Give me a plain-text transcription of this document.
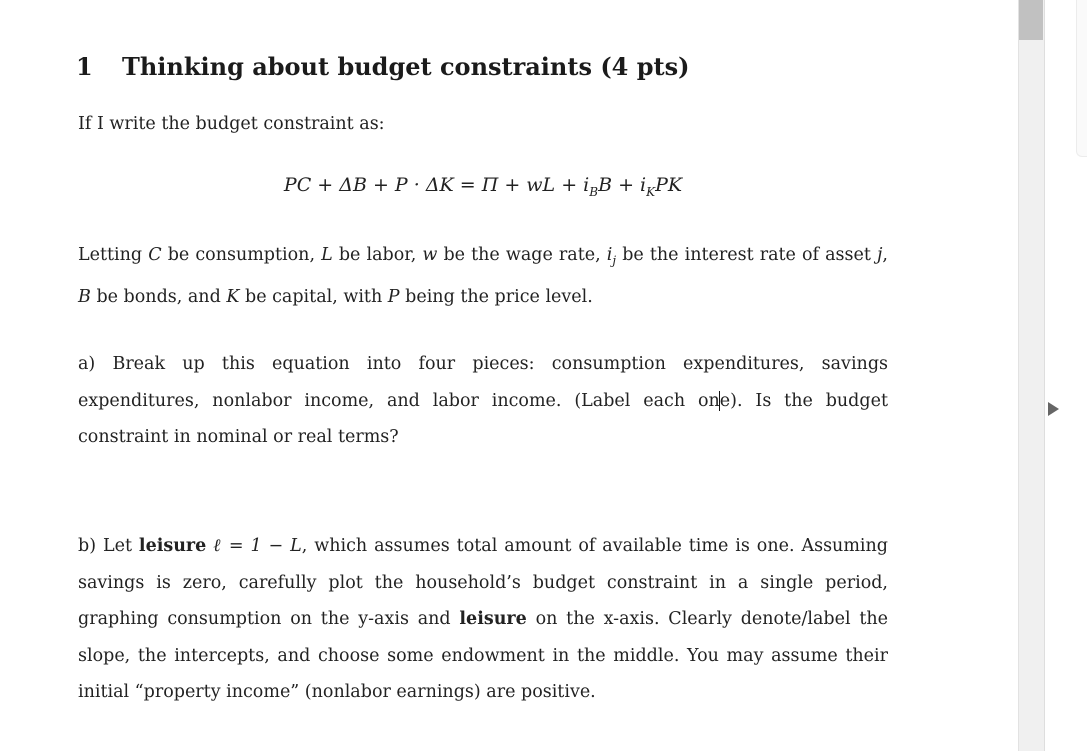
1 Thinking about budget constraints (4 pts)

If I write the budget constraint as:

PC + ΔB + P · ΔK = Π + wL + $i_BB + i_KPK$

Letting C be consumption, L be labor, w be the wage rate, $i_j$ be the interest rate of asset j, B be bonds, and K be capital, with P being the price level.

a) Break up this equation into four pieces: consumption expenditures, savings expenditures, nonlabor income, and labor income. (Label each one). Is the budget constraint in nominal or real terms?

b) Let leisure ℓ = 1 − L, which assumes total amount of available time is one. Assuming savings is zero, carefully plot the household’s budget constraint in a single period, graphing consumption on the y-axis and leisure on the x-axis. Clearly denote/label the slope, the intercepts, and choose some endowment in the middle. You may assume their initial “property income” (nonlabor earnings) are positive.
